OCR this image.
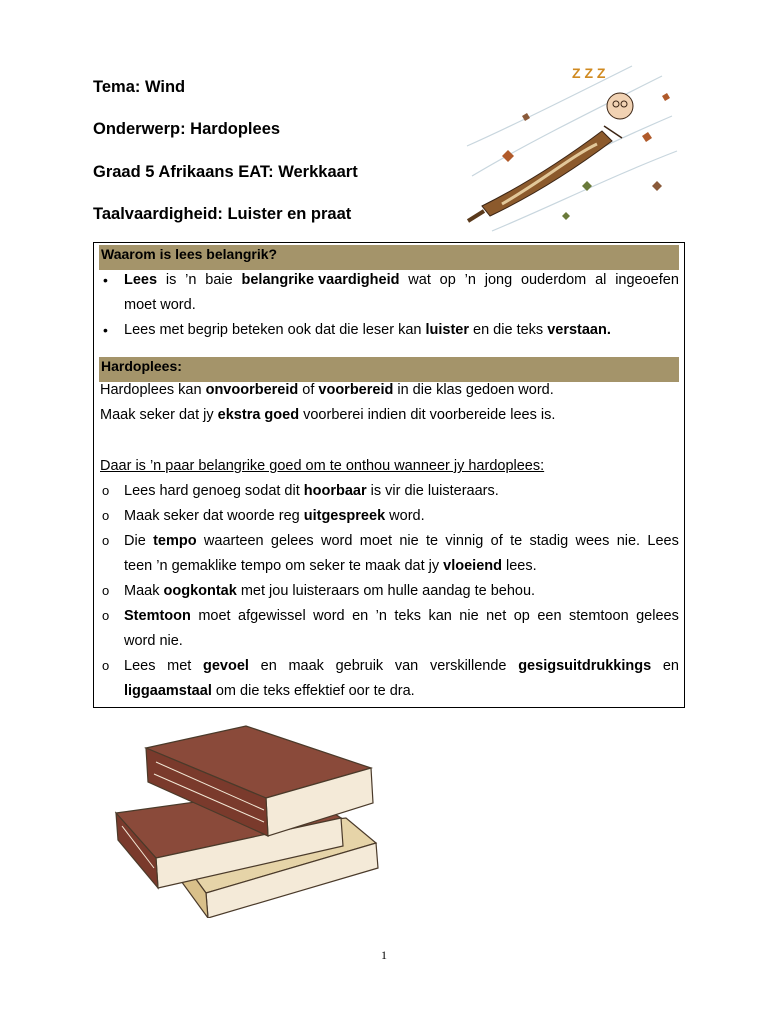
Tema: Wind
Onderwerp: Hardoplees
Graad 5 Afrikaans EAT: Werkkaart
Taalvaardigheid: Luister en praat
Z Z Z
Waarom is lees belangrik?
• Lees is ’n baie belangrike vaardigheid wat op ’n jong ouderdom al ingeoefen
moet word.
• Lees met begrip beteken ook dat die leser kan luister en die teks verstaan.
Hardoplees:
Hardoplees kan onvoorbereid of voorbereid in die klas gedoen word.
Maak seker dat jy ekstra goed voorberei indien dit voorbereide lees is.
Daar is ’n paar belangrike goed om te onthou wanneer jy hardoplees:
o Lees hard genoeg sodat dit hoorbaar is vir die luisteraars.
o Maak seker dat woorde reg uitgespreek word.
o Die tempo waarteen gelees word moet nie te vinnig of te stadig wees nie. Lees
teen ’n gemaklike tempo om seker te maak dat jy vloeiend lees.
o Maak oogkontak met jou luisteraars om hulle aandag te behou.
o Stemtoon moet afgewissel word en ’n teks kan nie net op een stemtoon gelees
word nie.
o Lees met gevoel en maak gebruik van verskillende gesigsuitdrukkings en
liggaamstaal om die teks effektief oor te dra.
1
